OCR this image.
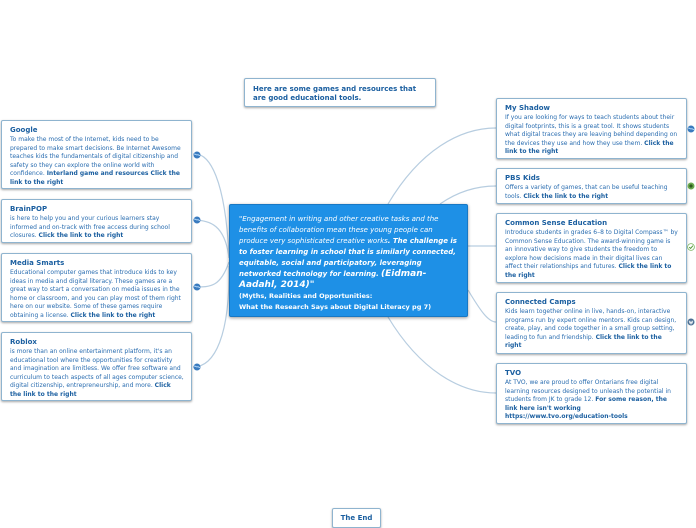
Here are some games and resources that are good educational tools.
"Engagement in writing and other creative tasks and the benefits of collaboration mean these young people can produce very sophisticated creative works. The challenge is to foster learning in school that is similarly connected, equitable, social and participatory, leveraging networked technology for learning. (Eidman-Aadahl, 2014)"
(Myths, Realities and Opportunities:
What the Research Says about Digital Literacy pg 7)
Google
To make the most of the Internet, kids need to be prepared to make smart decisions. Be Internet Awesome teaches kids the fundamentals of digital citizenship and safety so they can explore the online world with confidence. Interland game and resources Click the link to the right
BrainPOP
is here to help you and your curious learners stay informed and on-track with free access during school closures. Click the link to the right
Media Smarts
Educational computer games that introduce kids to key ideas in media and digital literacy. These games are a great way to start a conversation on media issues in the home or classroom, and you can play most of them right here on our website. Some of these games require obtaining a license. Click the link to the right
Roblox
is more than an online entertainment platform, it's an educational tool where the opportunities for creativity and imagination are limitless. We offer free software and curriculum to teach aspects of all ages computer science, digital citizenship, entrepreneurship, and more. Click the link to the right
My Shadow
If you are looking for ways to teach students about their digital footprints, this is a great tool. It shows students what digital traces they are leaving behind depending on the devices they use and how they use them. Click the link to the right
PBS Kids
Offers a variety of games, that can be useful teaching tools. Click the link to the right
Common Sense Education
Introduce students in grades 6–8 to Digital Compass™ by Common Sense Education. The award-winning game is an innovative way to give students the freedom to explore how decisions made in their digital lives can affect their relationships and futures. Click the link to the right
Connected Camps
Kids learn together online in live, hands-on, interactive programs run by expert online mentors. Kids can design, create, play, and code together in a small group setting, leading to fun and friendship. Click the link to the right
TVO
At TVO, we are proud to offer Ontarians free digital learning resources designed to unleash the potential in students from JK to grade 12. For some reason, the link here isn't working https://www.tvo.org/education-tools
The End
